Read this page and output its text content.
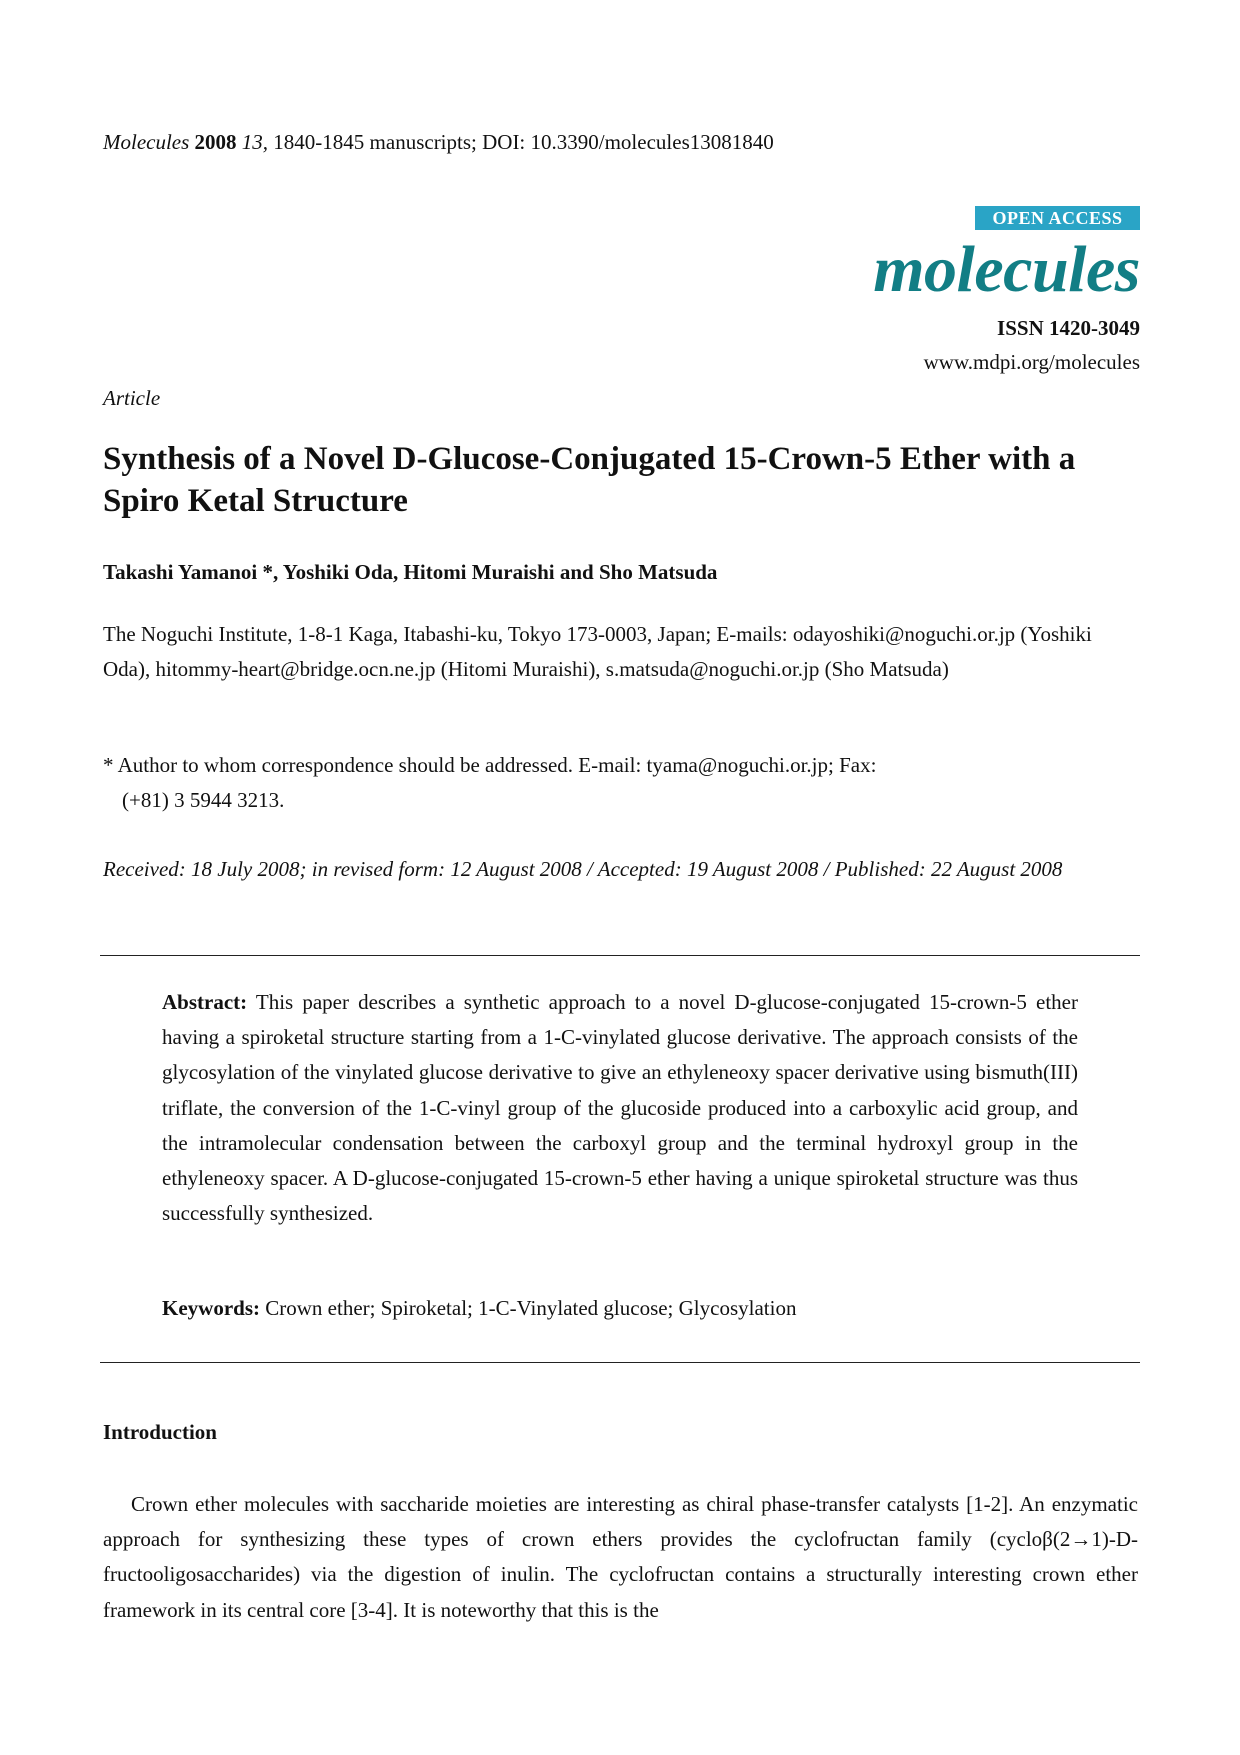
Molecules 2008 13, 1840-1845 manuscripts; DOI: 10.3390/molecules13081840
OPEN ACCESS
molecules
ISSN 1420-3049
www.mdpi.org/molecules
Article
Synthesis of a Novel D-Glucose-Conjugated 15-Crown-5 Ether with a Spiro Ketal Structure
Takashi Yamanoi *, Yoshiki Oda, Hitomi Muraishi and Sho Matsuda
The Noguchi Institute, 1-8-1 Kaga, Itabashi-ku, Tokyo 173-0003, Japan; E-mails: odayoshiki@noguchi.or.jp (Yoshiki Oda), hitommy-heart@bridge.ocn.ne.jp (Hitomi Muraishi), s.matsuda@noguchi.or.jp (Sho Matsuda)
* Author to whom correspondence should be addressed. E-mail: tyama@noguchi.or.jp; Fax:
(+81) 3 5944 3213.
Received: 18 July 2008; in revised form: 12 August 2008 / Accepted: 19 August 2008 / Published: 22 August 2008
Abstract: This paper describes a synthetic approach to a novel D-glucose-conjugated 15-crown-5 ether having a spiroketal structure starting from a 1-C-vinylated glucose derivative. The approach consists of the glycosylation of the vinylated glucose derivative to give an ethyleneoxy spacer derivative using bismuth(III) triflate, the conversion of the 1-C-vinyl group of the glucoside produced into a carboxylic acid group, and the intramolecular condensation between the carboxyl group and the terminal hydroxyl group in the ethyleneoxy spacer. A D-glucose-conjugated 15-crown-5 ether having a unique spiroketal structure was thus successfully synthesized.
Keywords: Crown ether; Spiroketal; 1-C-Vinylated glucose; Glycosylation
Introduction
Crown ether molecules with saccharide moieties are interesting as chiral phase-transfer catalysts [1-2]. An enzymatic approach for synthesizing these types of crown ethers provides the cyclofructan family (cycloβ(2→1)-D-fructooligosaccharides) via the digestion of inulin. The cyclofructan contains a structurally interesting crown ether framework in its central core [3-4]. It is noteworthy that this is the
